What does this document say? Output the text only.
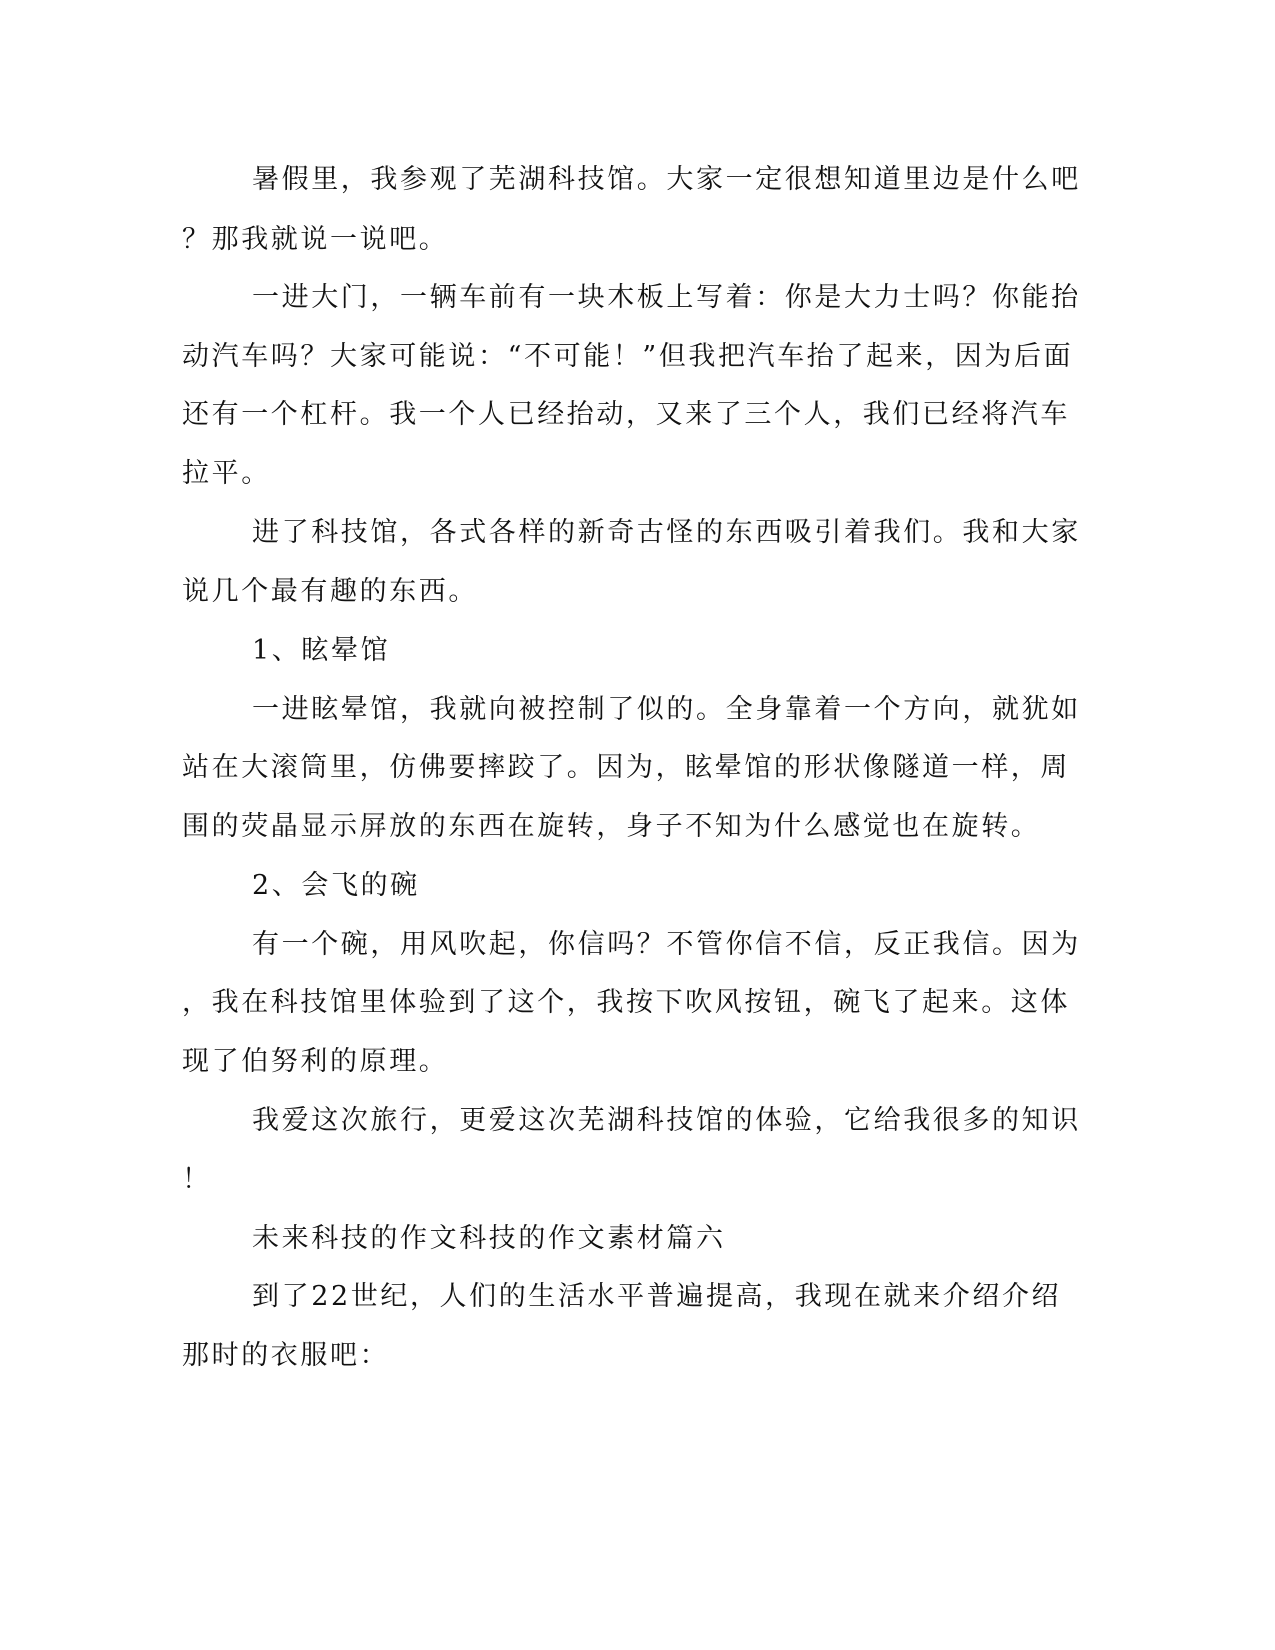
暑假里，我参观了芜湖科技馆。大家一定很想知道里边是什么吧
？那我就说一说吧。
一进大门，一辆车前有一块木板上写着：你是大力士吗？你能抬
动汽车吗？大家可能说：“不可能！”但我把汽车抬了起来，因为后面
还有一个杠杆。我一个人已经抬动，又来了三个人，我们已经将汽车
拉平。
进了科技馆，各式各样的新奇古怪的东西吸引着我们。我和大家
说几个最有趣的东西。
1、眩晕馆
一进眩晕馆，我就向被控制了似的。全身靠着一个方向，就犹如
站在大滚筒里，仿佛要摔跤了。因为，眩晕馆的形状像隧道一样，周
围的荧晶显示屏放的东西在旋转，身子不知为什么感觉也在旋转。
2、会飞的碗
有一个碗，用风吹起，你信吗？不管你信不信，反正我信。因为
，我在科技馆里体验到了这个，我按下吹风按钮，碗飞了起来。这体
现了伯努利的原理。
我爱这次旅行，更爱这次芜湖科技馆的体验，它给我很多的知识
！
未来科技的作文科技的作文素材篇六
到了22世纪，人们的生活水平普遍提高，我现在就来介绍介绍
那时的衣服吧：
